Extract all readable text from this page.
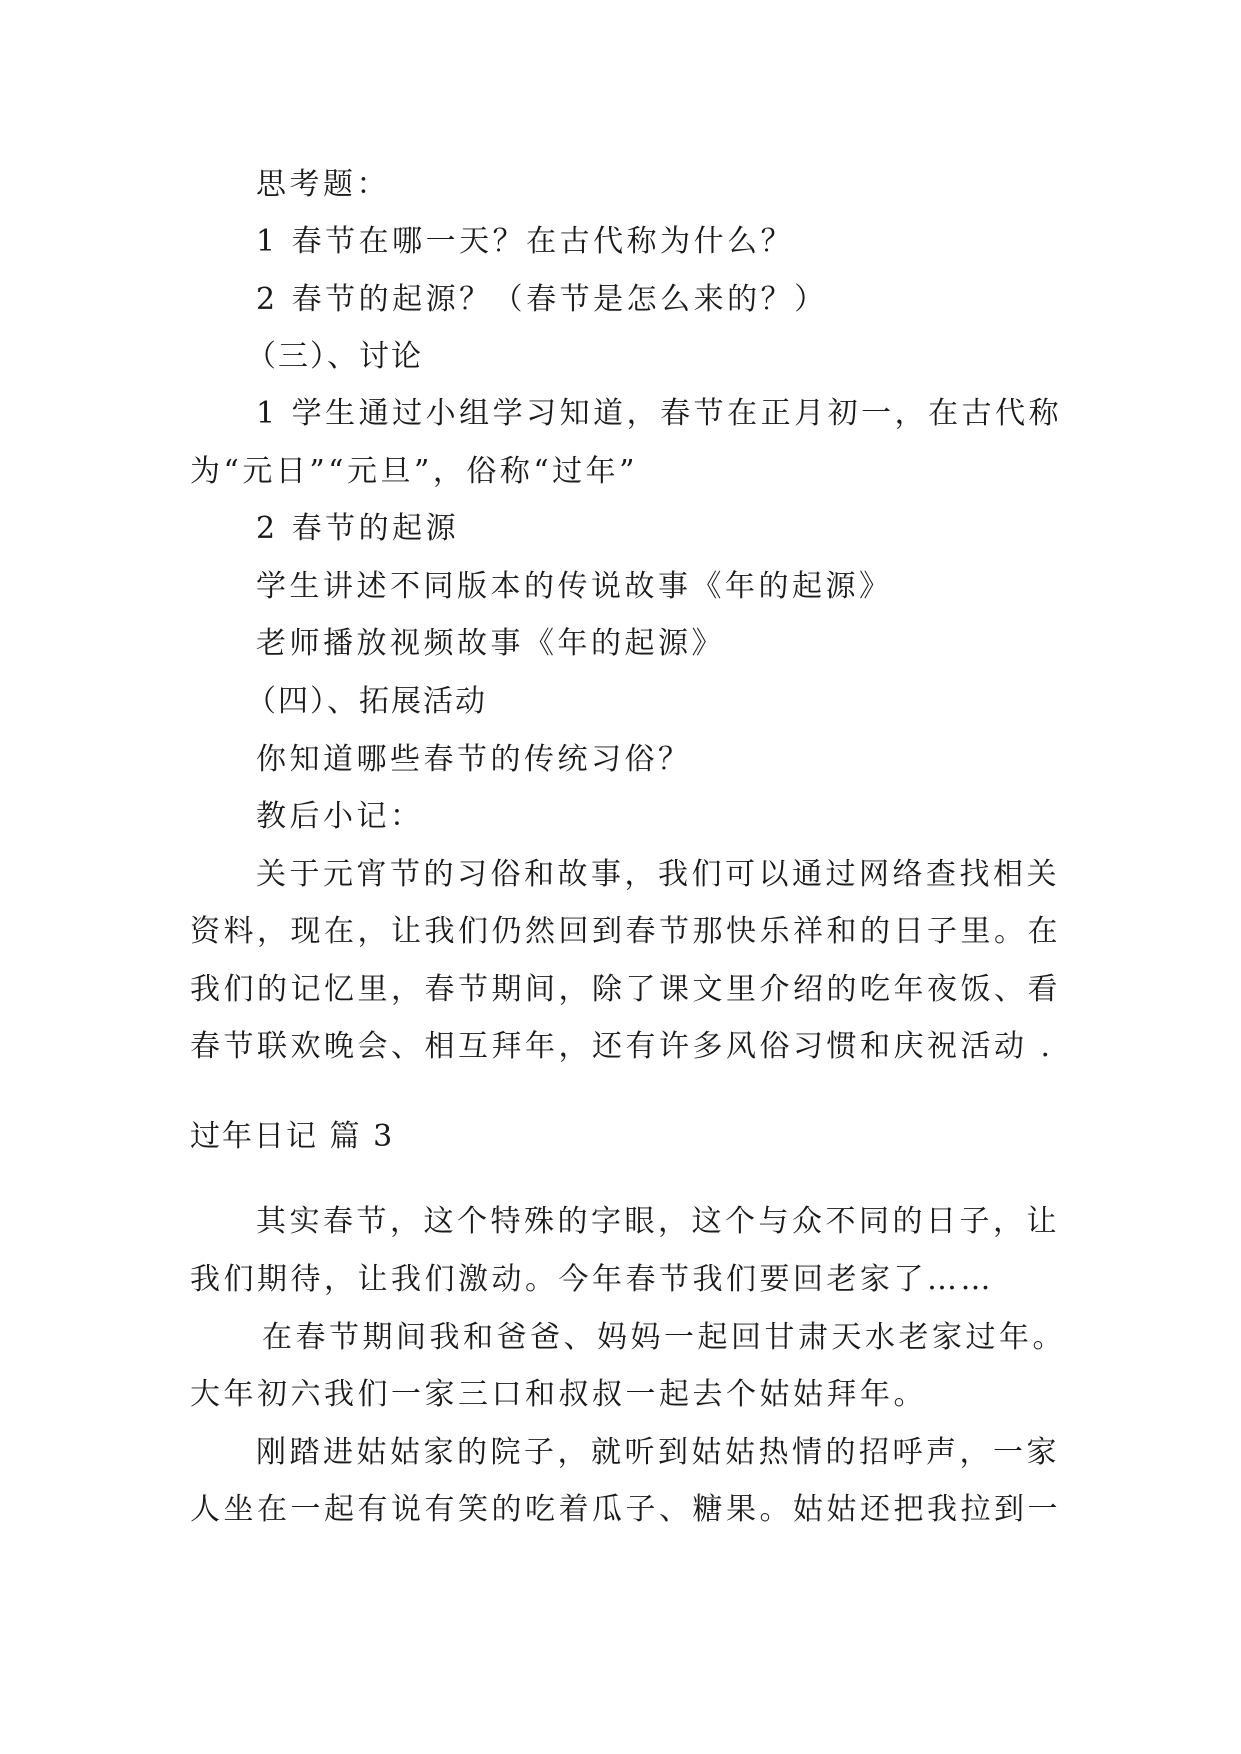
思考题：

1 春节在哪一天？在古代称为什么？

2 春节的起源？（春节是怎么来的？）

（三）、讨论

1 学生通过小组学习知道，春节在正月初一，在古代称

为“元日”“元旦”，俗称“过年”

2 春节的起源

学生讲述不同版本的传说故事《年的起源》

老师播放视频故事《年的起源》

（四）、拓展活动

你知道哪些春节的传统习俗？

教后小记：

关于元宵节的习俗和故事，我们可以通过网络查找相关

资料，现在，让我们仍然回到春节那快乐祥和的日子里。在

我们的记忆里，春节期间，除了课文里介绍的吃年夜饭、看

春节联欢晚会、相互拜年，还有许多风俗习惯和庆祝活动 .

过年日记 篇 3

其实春节，这个特殊的字眼，这个与众不同的日子，让

我们期待，让我们激动。今年春节我们要回老家了……

在春节期间我和爸爸、妈妈一起回甘肃天水老家过年。

大年初六我们一家三口和叔叔一起去个姑姑拜年。

刚踏进姑姑家的院子，就听到姑姑热情的招呼声，一家

人坐在一起有说有笑的吃着瓜子、糖果。姑姑还把我拉到一
